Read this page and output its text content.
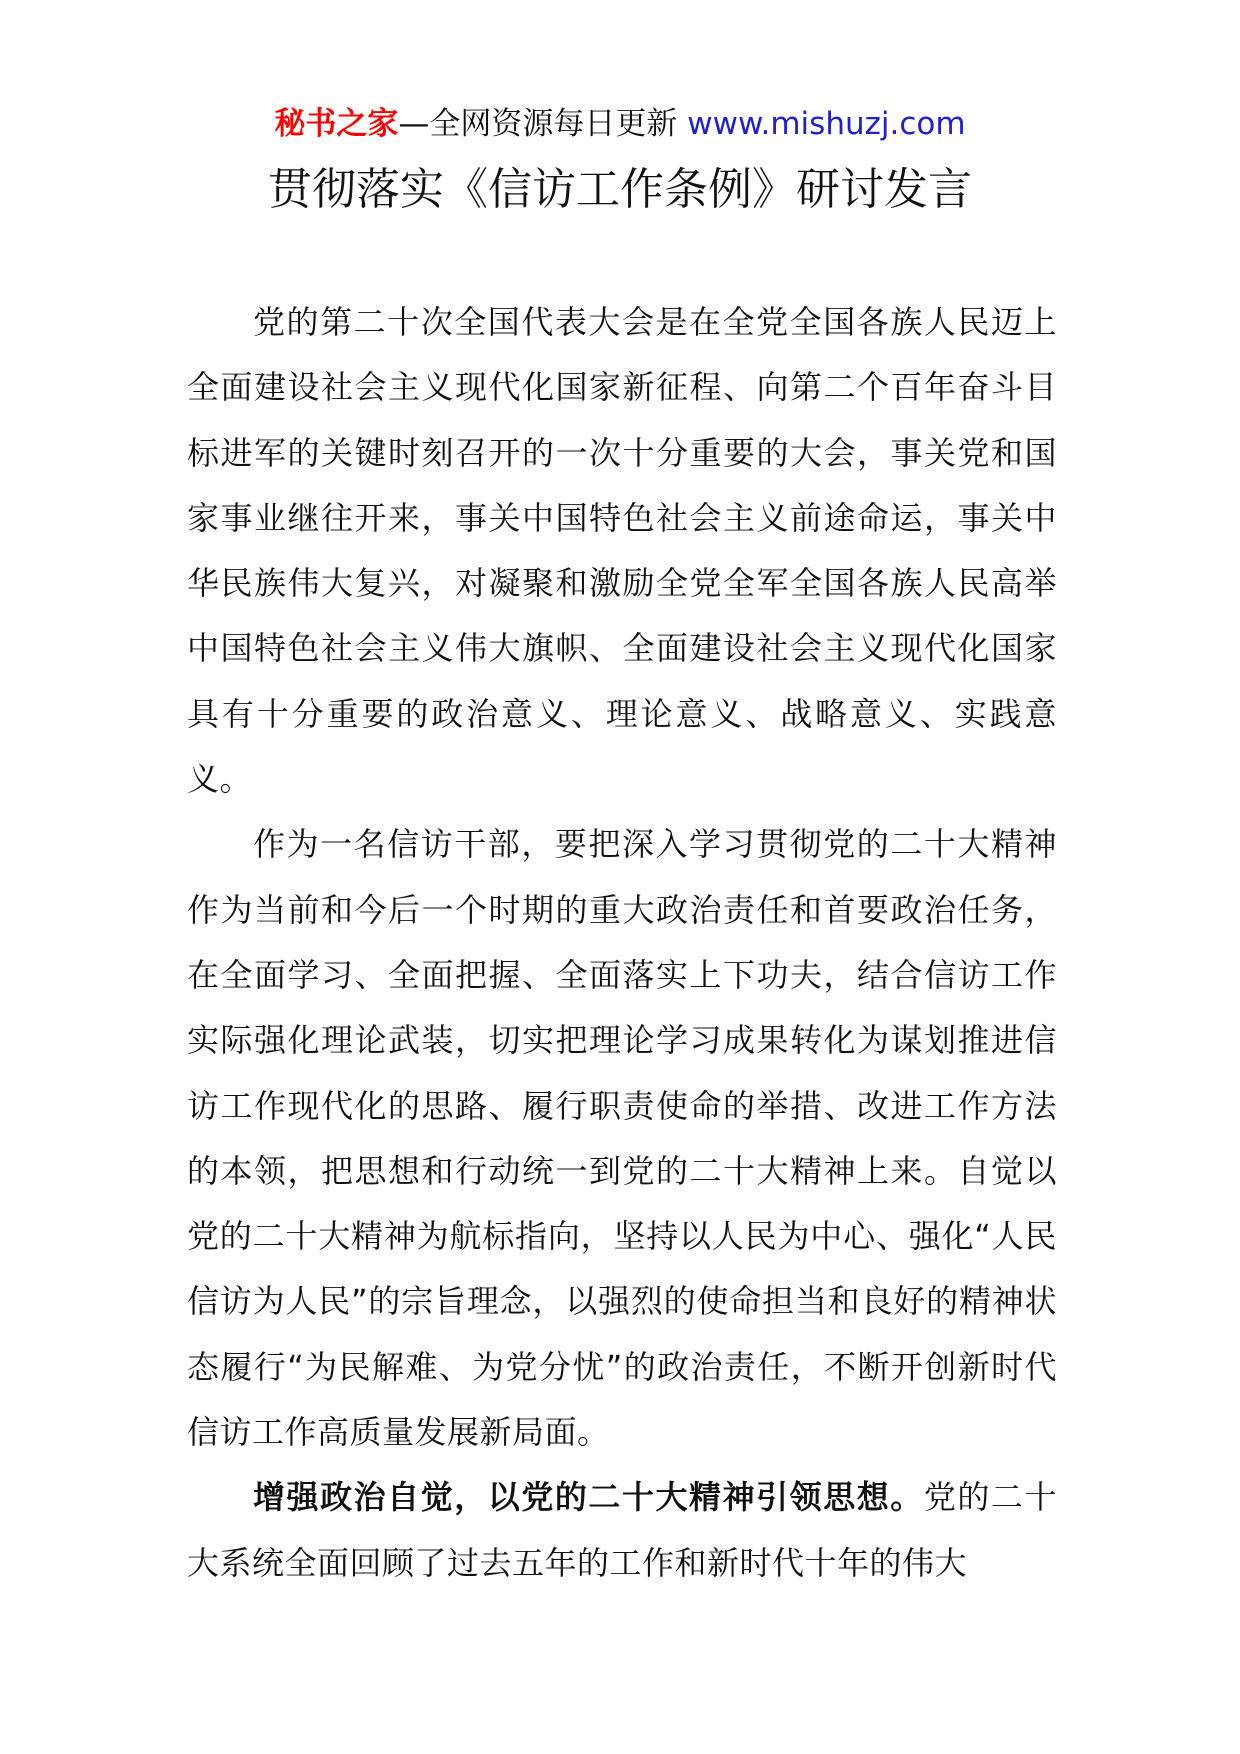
秘书之家—全网资源每日更新 www.mishuzj.com
贯彻落实《信访工作条例》研讨发言

党的第二十次全国代表大会是在全党全国各族人民迈上全面建设社会主义现代化国家新征程、向第二个百年奋斗目标进军的关键时刻召开的一次十分重要的大会，事关党和国家事业继往开来，事关中国特色社会主义前途命运，事关中华民族伟大复兴，对凝聚和激励全党全军全国各族人民高举中国特色社会主义伟大旗帜、全面建设社会主义现代化国家具有十分重要的政治意义、理论意义、战略意义、实践意义。

作为一名信访干部，要把深入学习贯彻党的二十大精神作为当前和今后一个时期的重大政治责任和首要政治任务，在全面学习、全面把握、全面落实上下功夫，结合信访工作实际强化理论武装，切实把理论学习成果转化为谋划推进信访工作现代化的思路、履行职责使命的举措、改进工作方法的本领，把思想和行动统一到党的二十大精神上来。自觉以党的二十大精神为航标指向，坚持以人民为中心、强化“人民信访为人民”的宗旨理念，以强烈的使命担当和良好的精神状态履行“为民解难、为党分忧”的政治责任，不断开创新时代信访工作高质量发展新局面。

增强政治自觉，以党的二十大精神引领思想。党的二十大系统全面回顾了过去五年的工作和新时代十年的伟大
